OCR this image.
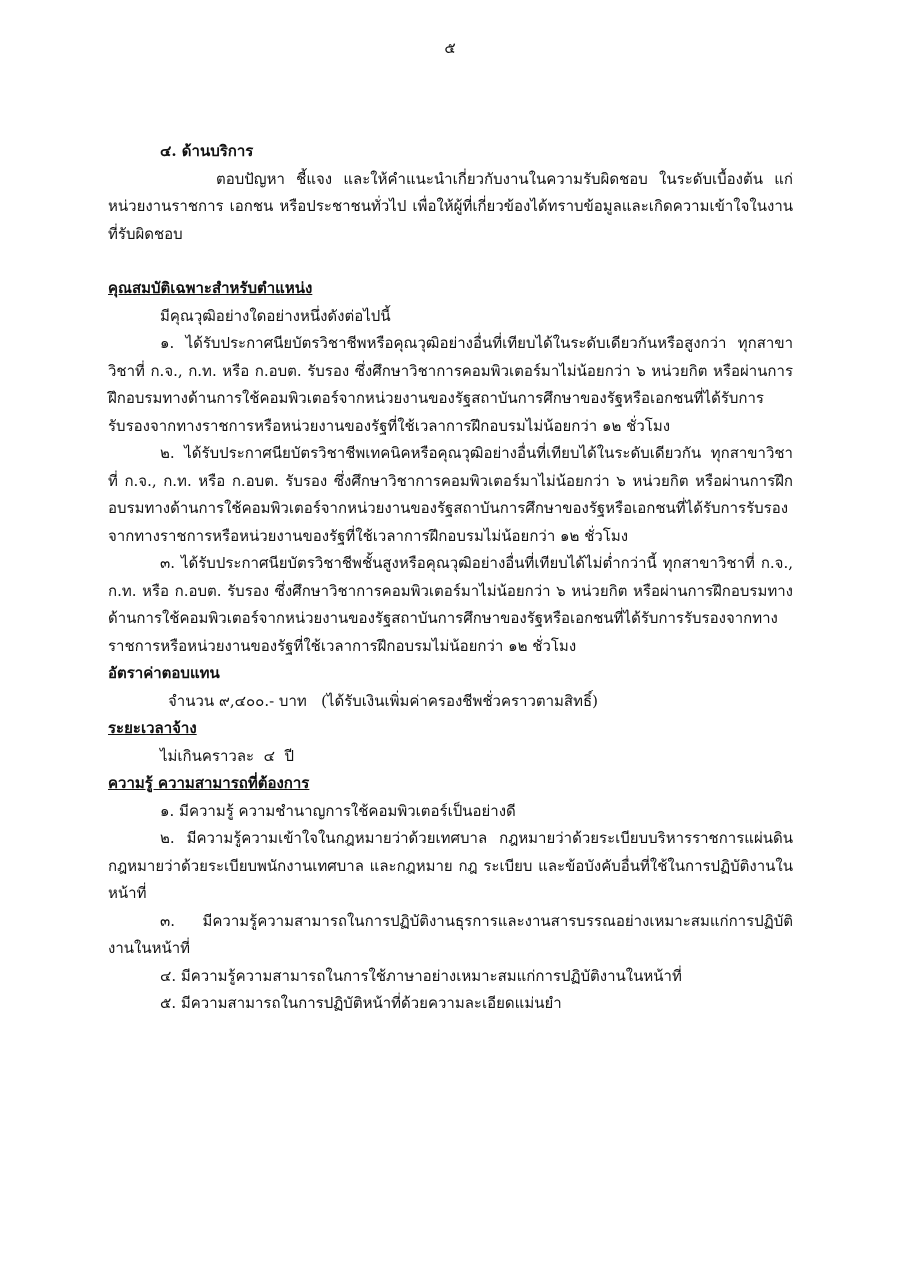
๕

๔. ด้านบริการ

ตอบปัญหา ชี้แจง และให้คำแนะนำเกี่ยวกับงานในความรับผิดชอบ ในระดับเบื้องต้น แก่หน่วยงานราชการ เอกชน หรือประชาชนทั่วไป เพื่อให้ผู้ที่เกี่ยวข้องได้ทราบข้อมูลและเกิดความเข้าใจในงานที่รับผิดชอบ

คุณสมบัติเฉพาะสำหรับตำแหน่ง

มีคุณวุฒิอย่างใดอย่างหนึ่งดังต่อไปนี้

๑. ได้รับประกาศนียบัตรวิชาชีพหรือคุณวุฒิอย่างอื่นที่เทียบได้ในระดับเดียวกันหรือสูงกว่า ทุกสาขาวิชาที่ ก.จ., ก.ท. หรือ ก.อบต. รับรอง ซึ่งศึกษาวิชาการคอมพิวเตอร์มาไม่น้อยกว่า ๖ หน่วยกิต หรือผ่านการฝึกอบรมทางด้านการใช้คอมพิวเตอร์จากหน่วยงานของรัฐสถาบันการศึกษาของรัฐหรือเอกชนที่ได้รับการรับรองจากทางราชการหรือหน่วยงานของรัฐที่ใช้เวลาการฝึกอบรมไม่น้อยกว่า ๑๒ ชั่วโมง

๒. ได้รับประกาศนียบัตรวิชาชีพเทคนิคหรือคุณวุฒิอย่างอื่นที่เทียบได้ในระดับเดียวกัน ทุกสาขาวิชาที่ ก.จ., ก.ท. หรือ ก.อบต. รับรอง ซึ่งศึกษาวิชาการคอมพิวเตอร์มาไม่น้อยกว่า ๖ หน่วยกิต หรือผ่านการฝึกอบรมทางด้านการใช้คอมพิวเตอร์จากหน่วยงานของรัฐสถาบันการศึกษาของรัฐหรือเอกชนที่ได้รับการรับรองจากทางราชการหรือหน่วยงานของรัฐที่ใช้เวลาการฝึกอบรมไม่น้อยกว่า ๑๒ ชั่วโมง

๓. ได้รับประกาศนียบัตรวิชาชีพชั้นสูงหรือคุณวุฒิอย่างอื่นที่เทียบได้ไม่ต่ำกว่านี้ ทุกสาขาวิชาที่ ก.จ., ก.ท. หรือ ก.อบต. รับรอง ซึ่งศึกษาวิชาการคอมพิวเตอร์มาไม่น้อยกว่า ๖ หน่วยกิต หรือผ่านการฝึกอบรมทางด้านการใช้คอมพิวเตอร์จากหน่วยงานของรัฐสถาบันการศึกษาของรัฐหรือเอกชนที่ได้รับการรับรองจากทางราชการหรือหน่วยงานของรัฐที่ใช้เวลาการฝึกอบรมไม่น้อยกว่า ๑๒ ชั่วโมง

อัตราค่าตอบแทน

จำนวน ๙,๔๐๐.- บาท   (ได้รับเงินเพิ่มค่าครองชีพชั่วคราวตามสิทธิ์)

ระยะเวลาจ้าง

ไม่เกินคราวละ  ๔  ปี

ความรู้ ความสามารถที่ต้องการ

๑. มีความรู้ ความชำนาญการใช้คอมพิวเตอร์เป็นอย่างดี

๒. มีความรู้ความเข้าใจในกฎหมายว่าด้วยเทศบาล กฎหมายว่าด้วยระเบียบบริหารราชการแผ่นดิน กฎหมายว่าด้วยระเบียบพนักงานเทศบาล และกฎหมาย กฎ ระเบียบ และข้อบังคับอื่นที่ใช้ในการปฏิบัติงานในหน้าที่

๓. มีความรู้ความสามารถในการปฏิบัติงานธุรการและงานสารบรรณอย่างเหมาะสมแก่การปฏิบัติงานในหน้าที่

๔. มีความรู้ความสามารถในการใช้ภาษาอย่างเหมาะสมแก่การปฏิบัติงานในหน้าที่

๕. มีความสามารถในการปฏิบัติหน้าที่ด้วยความละเอียดแม่นยำ
